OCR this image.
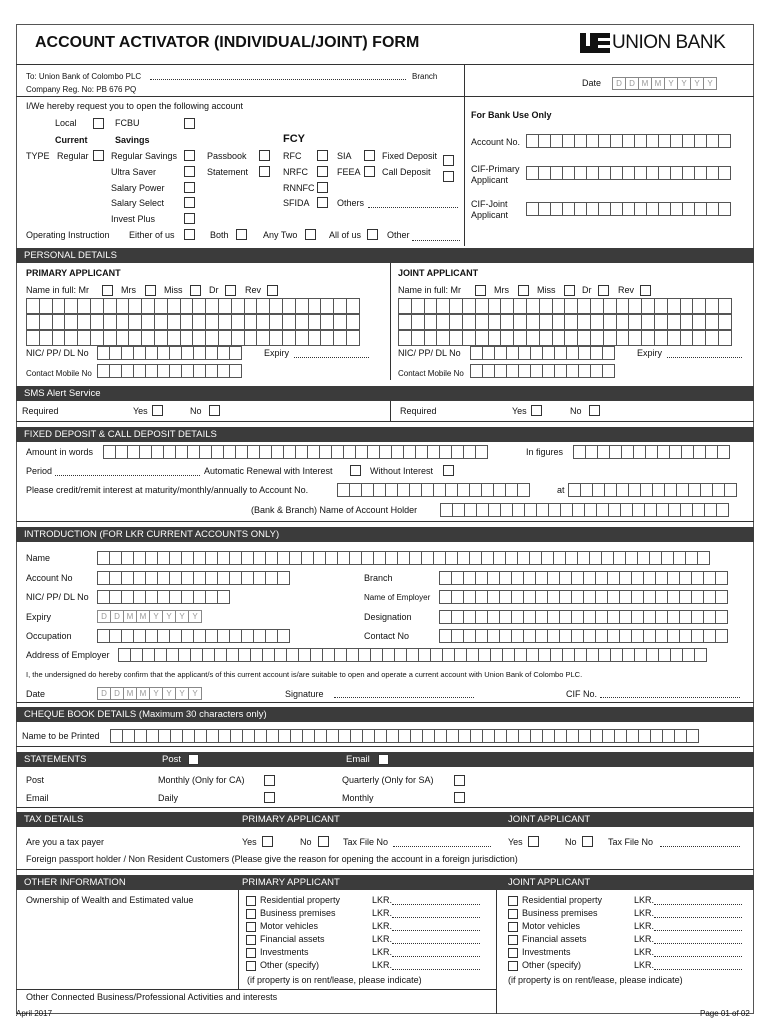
ACCOUNT ACTIVATOR (INDIVIDUAL/JOINT) FORM	UNION BANK
To: Union Bank of Colombo PLC	Branch
Company Reg. No: PB 676 PQ
Date	D D M M Y Y Y Y
I/We hereby request you to open the following account
Local	FCBU
Current	Savings	FCY
TYPE Regular Regular Savings	Passbook	RFC	SIA	Fixed Deposit
Ultra Saver	Statement	NRFC	FEEA Call Deposit
Salary Power	RNNFC
Salary Select	SFIDA	Others
Invest Plus
Operating Instruction Either of us	Both	Any Two	All of us	Other
For Bank Use Only
Account No.
CIF-Primary
Applicant
CIF-Joint
Applicant
PERSONAL DETAILS
PRIMARY APPLICANT	JOINT APPLICANT
Name in full: Mr	Mrs	Miss	Dr	Rev	Name in full: Mr	Mrs	Miss	Dr	Rev
NIC/ PP/ DL No	Expiry
Contact Mobile No
NIC/ PP/ DL No	Expiry
Contact Mobile No
SMS Alert Service
Required	Yes	No	Required	Yes	No
FIXED DEPOSIT & CALL DEPOSIT DETAILS
Amount in words	In figures
Period	Automatic Renewal with Interest	Without Interest
Please credit/remit interest at maturity/monthly/annually to Account No.	at
(Bank & Branch) Name of Account Holder
INTRODUCTION (FOR LKR CURRENT ACCOUNTS ONLY)
Name
Account No	Branch
NIC/ PP/ DL No	Name of Employer
Expiry	D D M M Y Y Y Y	Designation
Occupation	Contact No
Address of Employer
I, the undersigned do hereby confirm that the applicant/s of this current account is/are suitable to open and operate a current account with Union Bank of Colombo PLC.
Date	D D M M Y Y Y Y	Signature	CIF No.
CHEQUE BOOK DETAILS (Maximum 30 characters only)
Name to be Printed
STATEMENTS	Post	Email
Post	Monthly (Only for CA)	Quarterly (Only for SA)
Email	Daily	Monthly
TAX DETAILS	PRIMARY APPLICANT	JOINT APPLICANT
Are you a tax payer	Yes	No	Tax File No	Yes	No	Tax File No
Foreign passport holder / Non Resident Customers (Please give the reason for opening the account in a foreign jurisdiction)
OTHER INFORMATION	PRIMARY APPLICANT	JOINT APPLICANT
Ownership of Wealth and Estimated value	Residential property	LKR.
Business premises	LKR.
Motor vehicles	LKR.
Financial assets	LKR.
Investments	LKR.
Other (specify)	LKR.
Residential property	LKR.
Business premises	LKR.
Motor vehicles	LKR.
Financial assets	LKR.
Investments	LKR.
Other (specify)	LKR.
(if property is on rent/lease, please indicate)	(if property is on rent/lease, please indicate)
Other Connected Business/Professional Activities and interests
April 2017	Page 01 of 02
